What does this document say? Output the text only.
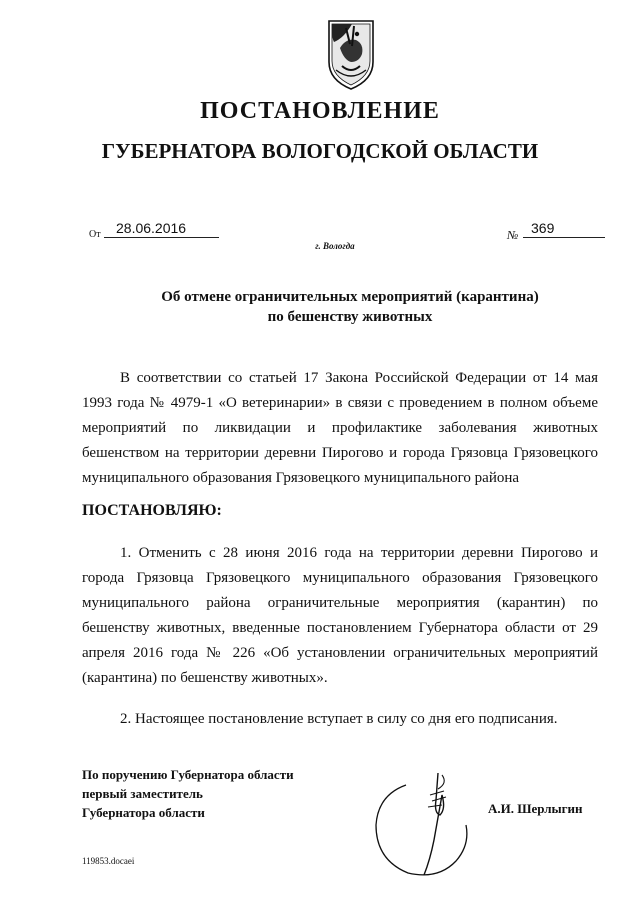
ПОСТАНОВЛЕНИЕ
ГУБЕРНАТОРА ВОЛОГОДСКОЙ ОБЛАСТИ
От	28.06.2016	№ 369
г. Вологда
Об отмене ограничительных мероприятий (карантина)
по бешенству животных

В соответствии со статьей 17 Закона Российской Федерации от 14 мая 1993 года № 4979-1 «О ветеринарии» в связи с проведением в полном объеме мероприятий по ликвидации и профилактике заболевания животных бешенством на территории деревни Пирогово и города Грязовца Грязовецкого муниципального образования Грязовецкого муниципального района

ПОСТАНОВЛЯЮ:

1. Отменить с 28 июня 2016 года на территории деревни Пирогово и города Грязовца Грязовецкого муниципального образования Грязовецкого муниципального района ограничительные мероприятия (карантин) по бешенству животных, введенные постановлением Губернатора области от 29 апреля 2016 года № 226 «Об установлении ограничительных мероприятий (карантина) по бешенству животных».

2. Настоящее постановление вступает в силу со дня его подписания.

По поручению Губернатора области
первый заместитель
Губернатора области	А.И. Шерлыгин
119853.docaei
